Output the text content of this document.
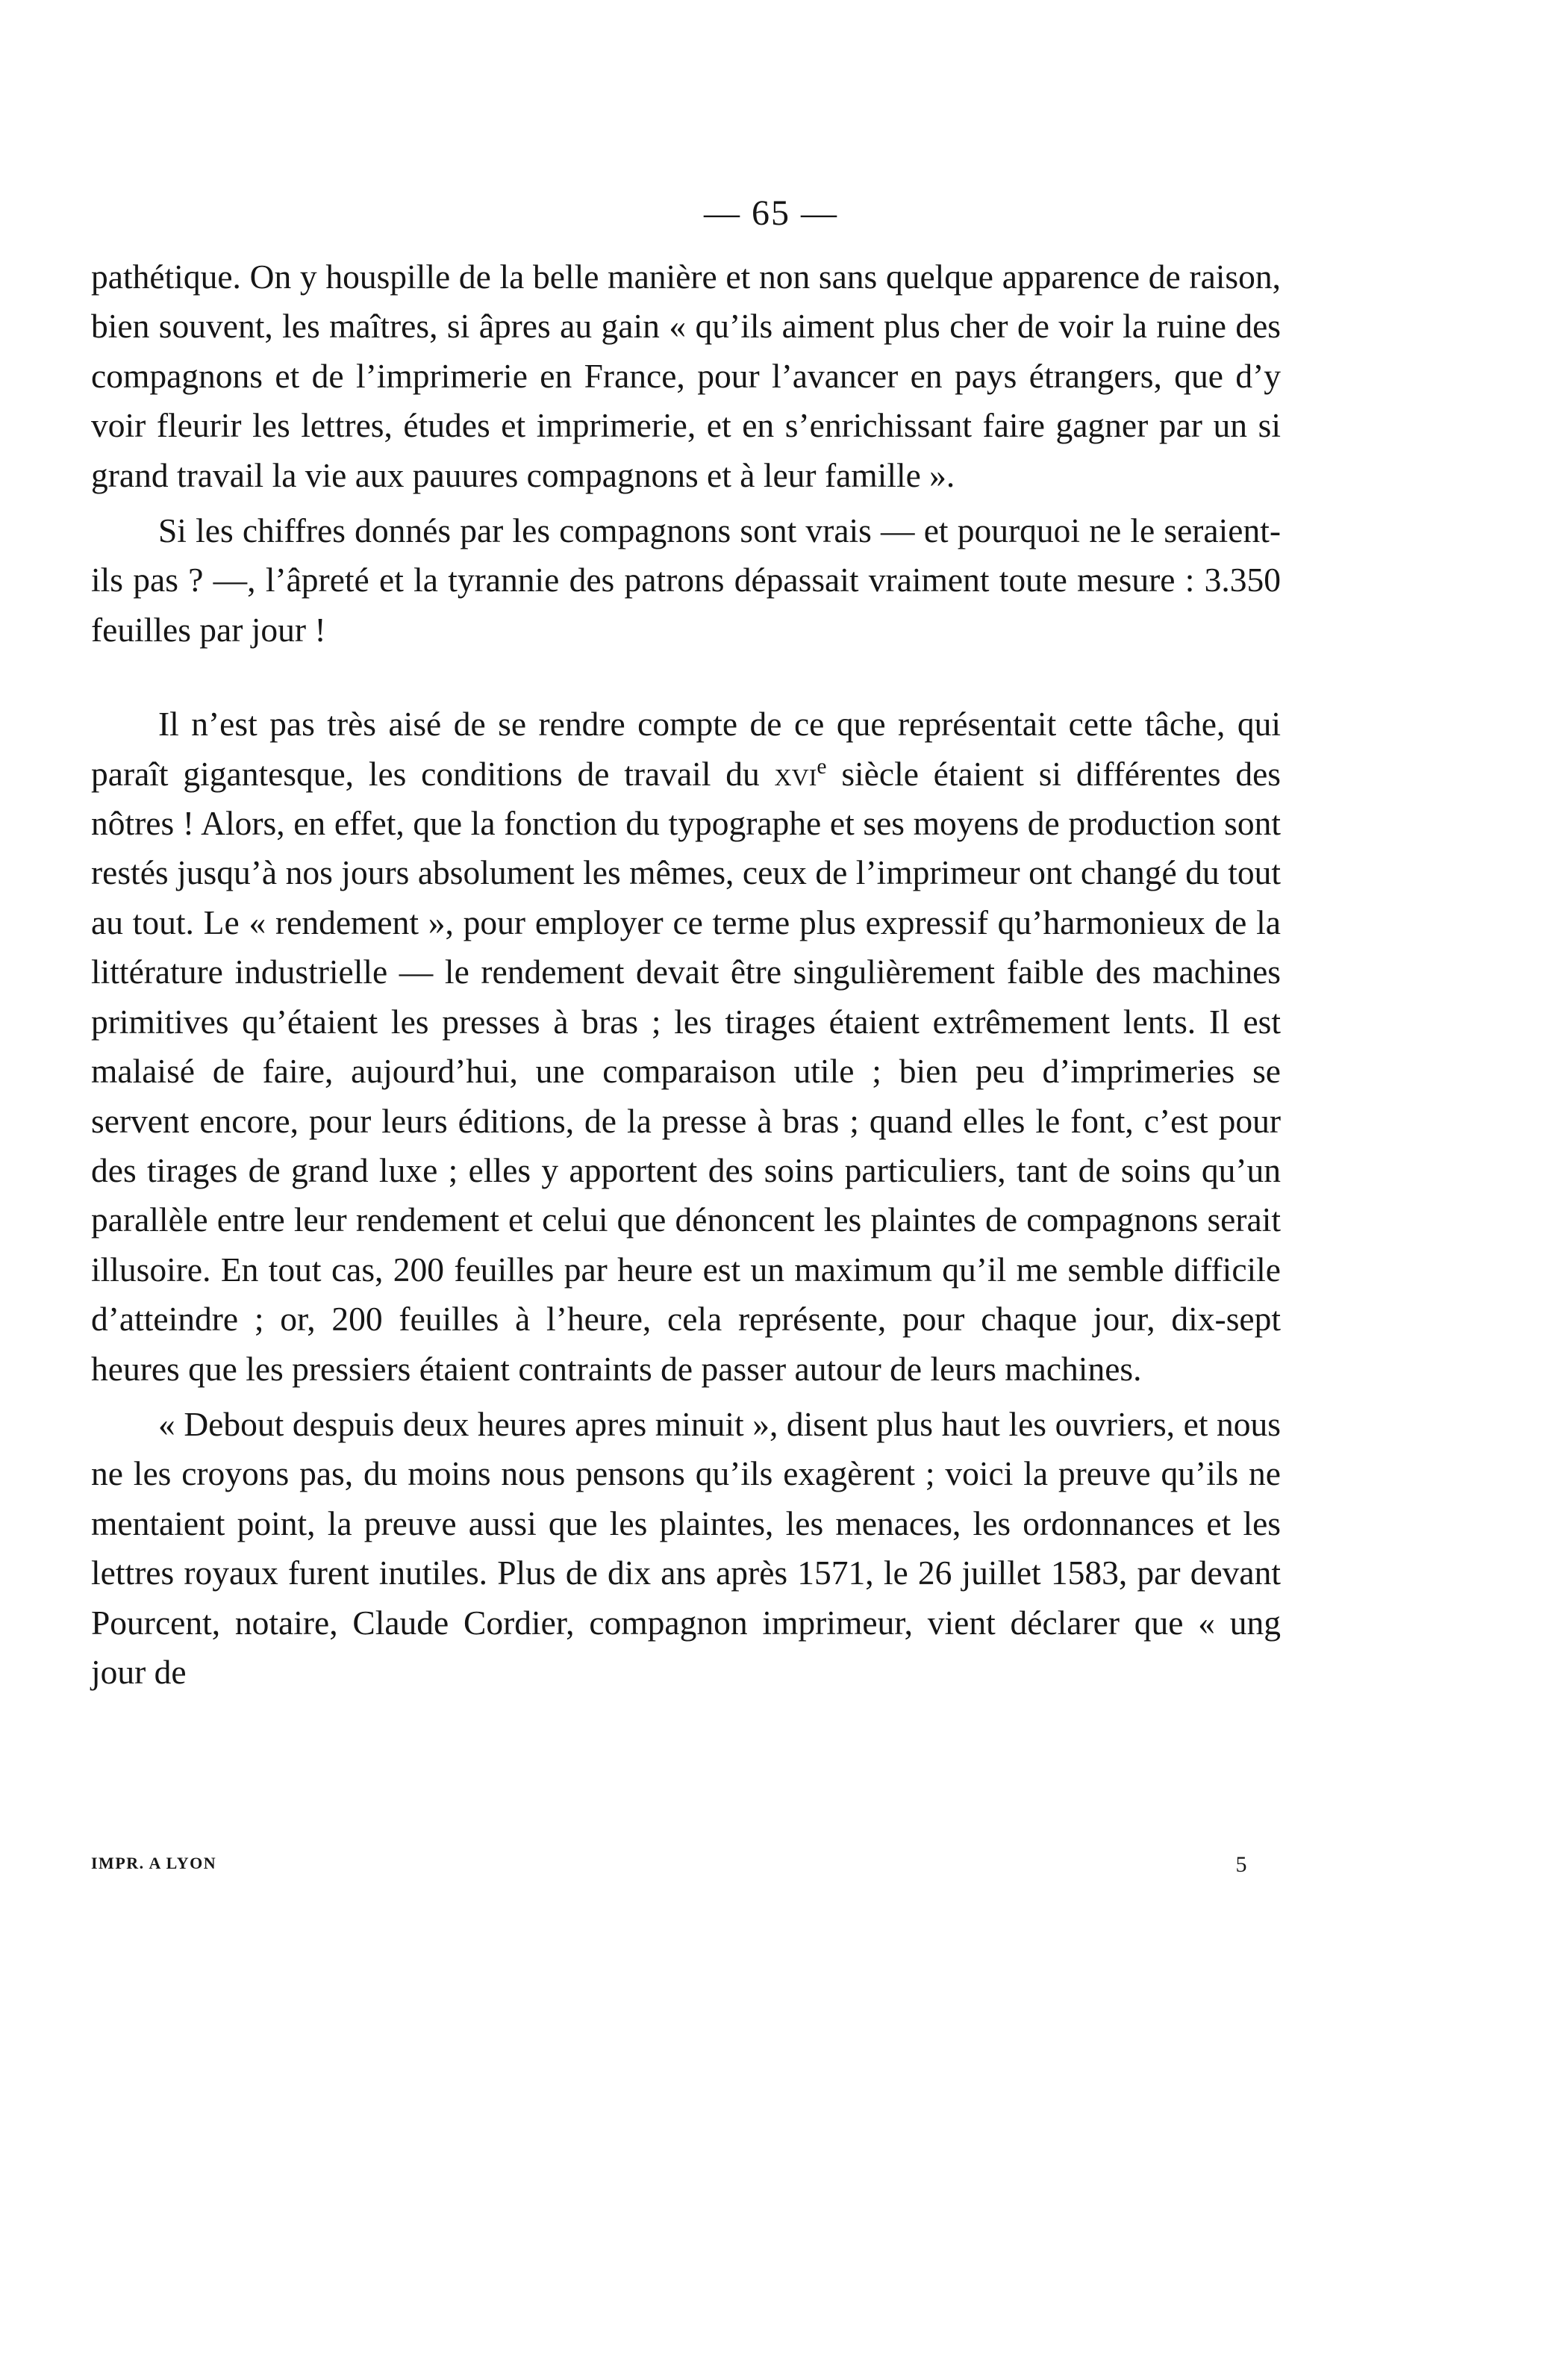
— 65 —

pathétique. On y houspille de la belle manière et non sans quelque apparence de raison, bien souvent, les maîtres, si âpres au gain « qu’ils aiment plus cher de voir la ruine des compagnons et de l’imprimerie en France, pour l’avancer en pays étrangers, que d’y voir fleurir les lettres, études et imprimerie, et en s’enrichissant faire gagner par un si grand travail la vie aux pauures compagnons et à leur famille ».

Si les chiffres donnés par les compagnons sont vrais — et pourquoi ne le seraient-ils pas ? —, l’âpreté et la tyrannie des patrons dépassait vraiment toute mesure : 3.350 feuilles par jour !

Il n’est pas très aisé de se rendre compte de ce que représentait cette tâche, qui paraît gigantesque, les conditions de travail du xvi$^e$ siècle étaient si différentes des nôtres ! Alors, en effet, que la fonction du typographe et ses moyens de production sont restés jusqu’à nos jours absolument les mêmes, ceux de l’imprimeur ont changé du tout au tout. Le « rendement », pour employer ce terme plus expressif qu’harmonieux de la littérature industrielle — le rendement devait être singulièrement faible des machines primitives qu’étaient les presses à bras ; les tirages étaient extrêmement lents. Il est malaisé de faire, aujourd’hui, une comparaison utile ; bien peu d’imprimeries se servent encore, pour leurs éditions, de la presse à bras ; quand elles le font, c’est pour des tirages de grand luxe ; elles y apportent des soins particuliers, tant de soins qu’un parallèle entre leur rendement et celui que dénoncent les plaintes de compagnons serait illusoire. En tout cas, 200 feuilles par heure est un maximum qu’il me semble difficile d’atteindre ; or, 200 feuilles à l’heure, cela représente, pour chaque jour, dix-sept heures que les pressiers étaient contraints de passer autour de leurs machines.

« Debout despuis deux heures apres minuit », disent plus haut les ouvriers, et nous ne les croyons pas, du moins nous pensons qu’ils exagèrent ; voici la preuve qu’ils ne mentaient point, la preuve aussi que les plaintes, les menaces, les ordonnances et les lettres royaux furent inutiles. Plus de dix ans après 1571, le 26 juillet 1583, par devant Pourcent, notaire, Claude Cordier, compagnon imprimeur, vient déclarer que « ung jour de

IMPR. A LYON	5
